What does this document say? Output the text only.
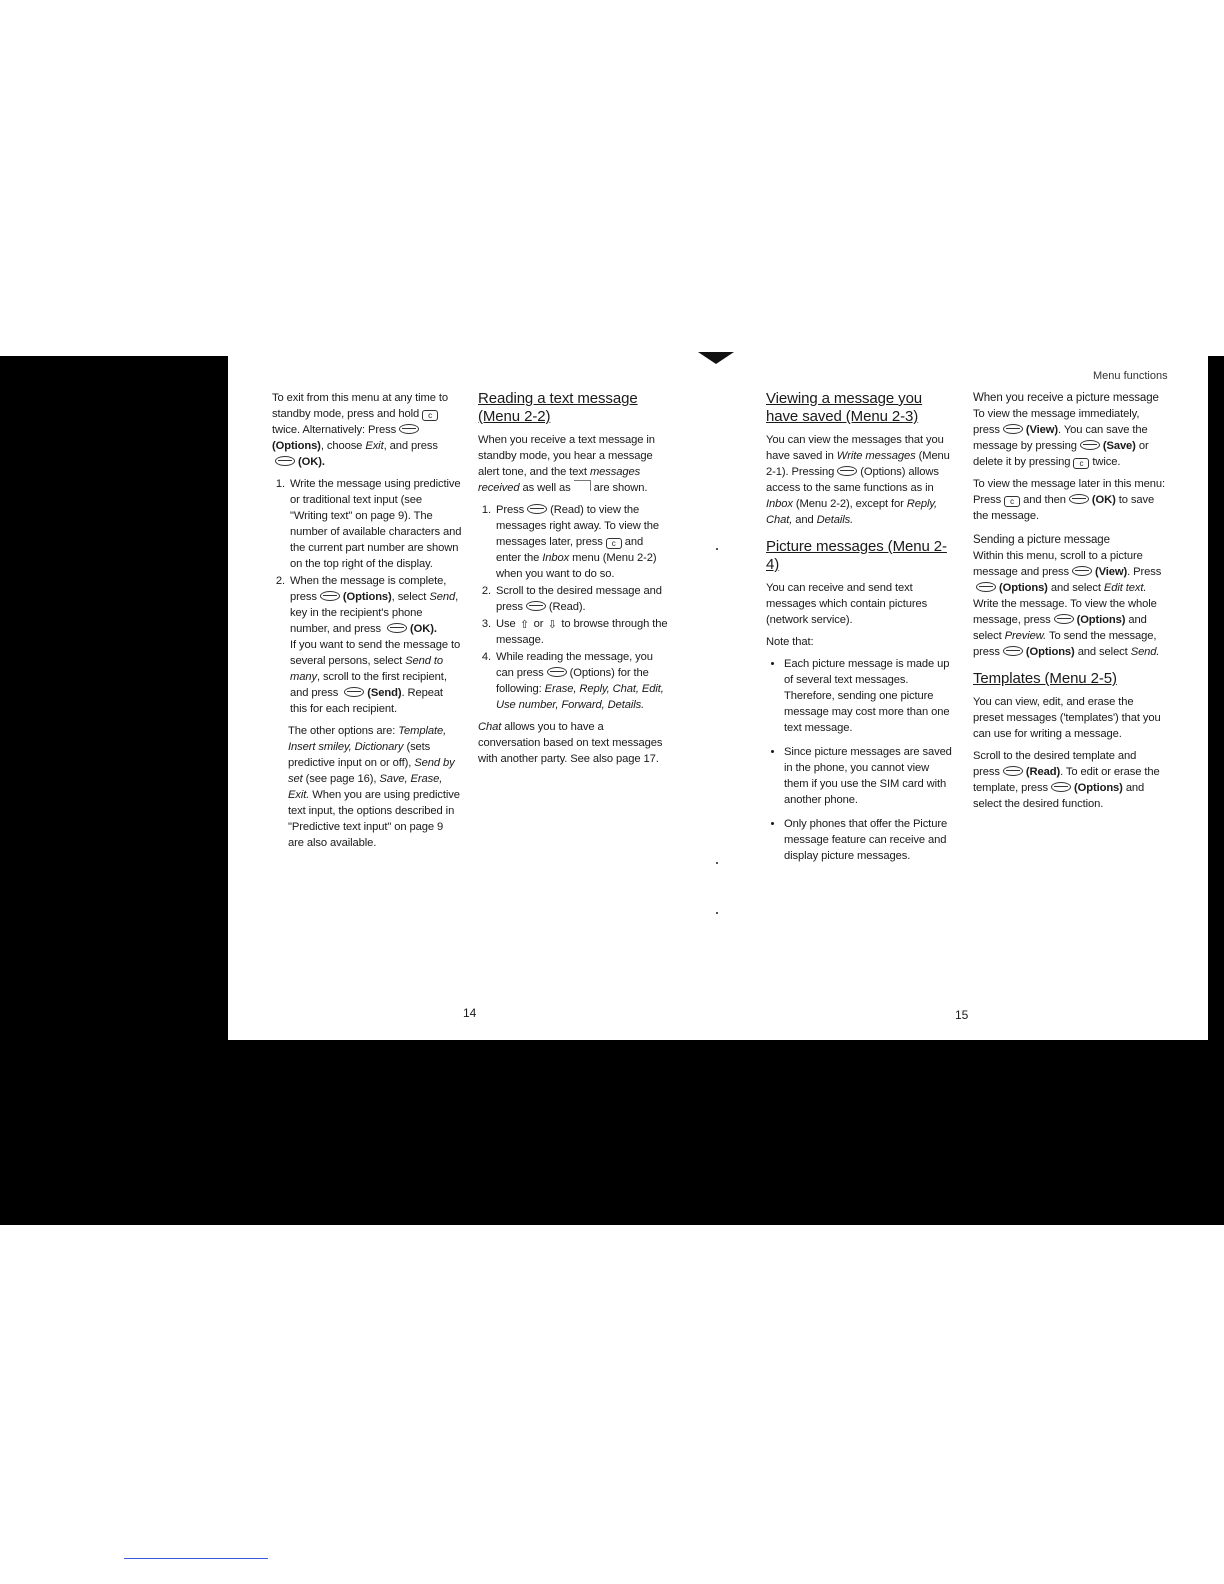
Menu functions

To exit from this menu at any time to standby mode, press and holdc twice. Alternatively: Press (Options), choose Exit, and press (OK).

1. Write the message using predictive or traditional text input (see "Writing text" on page 9). The number of available characters and the current part number are shown on the top right of the display.
2. When the message is complete, press (Options), select Send, key in the recipient's phone number, and press	(OK).
If you want to send the message to several persons, select Send to many, scroll to the first recipient, and press	(Send). Repeat this for each recipient.

The other options are: Template, Insert smiley, Dictionary (sets predictive input on or off), Send by set (see page 16), Save, Erase, Exit. When you are using predictive text input, the options described in "Predictive text input" on page 9 are also available.

Reading a text message (Menu 2-2)

When you receive a text message in standby mode, you hear a message alert tone, and the text messages received as well as are shown.

1. Press (Read) to view the messages right away. To view the messages later, press c and enter the Inbox menu (Menu 2-2) when you want to do so.
2. Scroll to the desired message and press (Read).
3. Use ⇧ or ⇩ to browse through the message.
4. While reading the message, you can press (Options) for the following: Erase, Reply, Chat, Edit, Use number, Forward, Details.

Chat allows you to have a conversation based on text messages with another party. See also page 17.

Viewing a message you have saved (Menu 2-3)

You can view the messages that you have saved in Write messages (Menu 2-1). Pressing (Options) allows access to the same functions as in Inbox (Menu 2-2), except for Reply, Chat, and Details.

Picture messages (Menu 2-4)

You can receive and send text messages which contain pictures (network service).

Note that:

• Each picture message is made up of several text messages. Therefore, sending one picture message may cost more than one text message.
• Since picture messages are saved in the phone, you cannot view them if you use the SIM card with another phone.
• Only phones that offer the Picture message feature can receive and display picture messages.
When you receive a picture message

To view the message immediately, press (View). You can save the message by pressing (Save) or delete it by pressing c twice.

To view the message later in this menu: Press c and then (OK) to save the message.

Sending a picture message

Within this menu, scroll to a picture message and press (View). Press (Options) and select Edit text. Write the message. To view the whole message, press (Options) and select Preview. To send the message, press (Options) and select Send.

Templates (Menu 2-5)

You can view, edit, and erase the preset messages ('templates') that you can use for writing a message.

Scroll to the desired template and press (Read). To edit or erase the template, press (Options) and select the desired function.

14	15
